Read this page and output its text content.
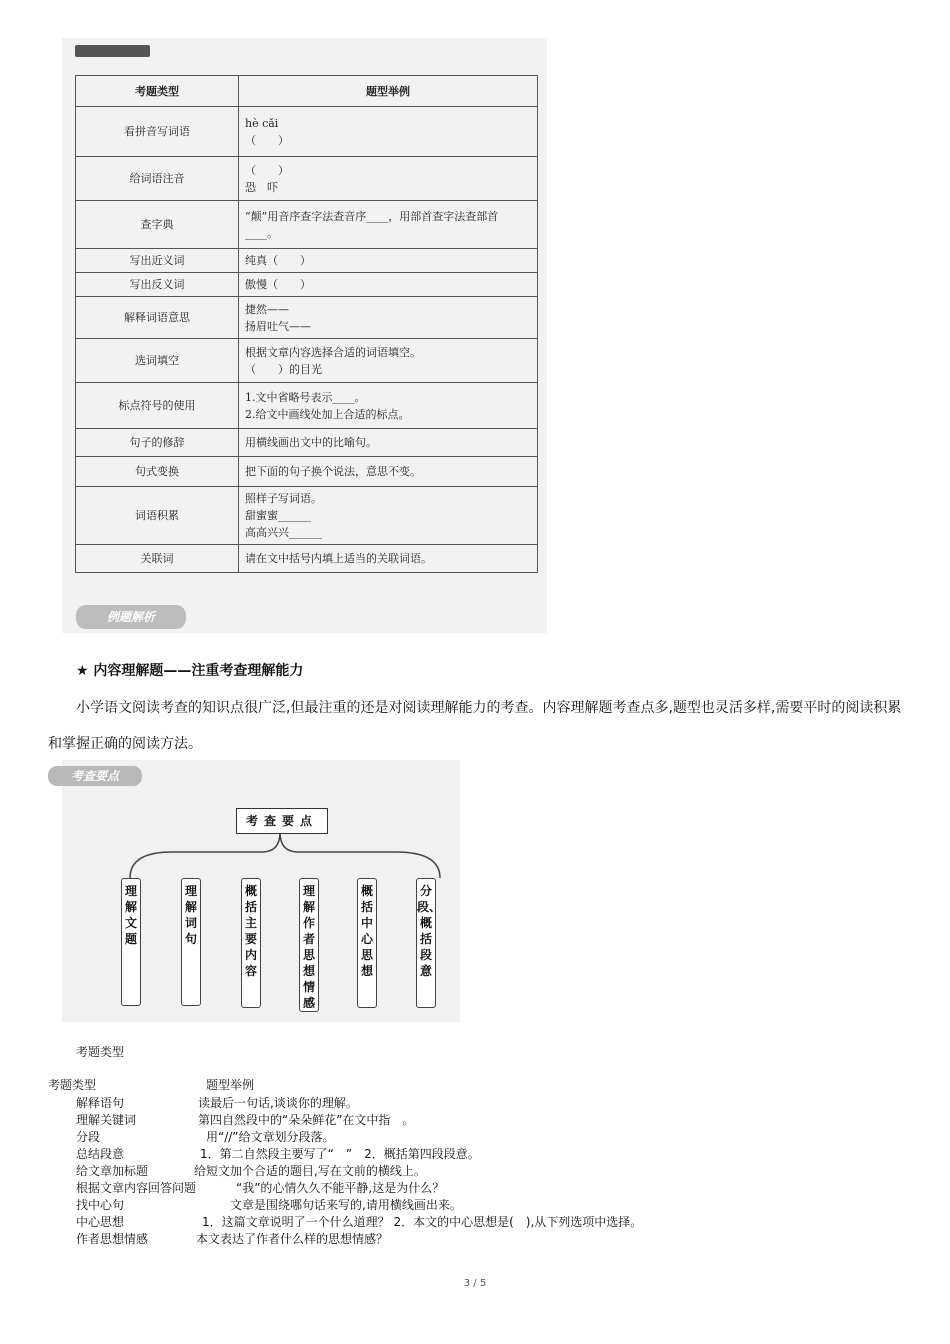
考题类型	题型举例
看拼音写词语	hè cǎi
（　　）
给词语注音	（　　）
恐　吓
查字典	“颠”用音序查字法查音序____，用部首查字法查部首____。
写出近义词	纯真（　　）
写出反义词	傲慢（　　）
解释词语意思	捷然——
扬眉吐气——
选词填空	根据文章内容选择合适的词语填空。
（　　）的目光
标点符号的使用	1.文中省略号表示____。
2.给文中画线处加上合适的标点。
句子的修辞	用横线画出文中的比喻句。
句式变换	把下面的句子换个说法，意思不变。
词语积累	照样子写词语。
甜蜜蜜______
高高兴兴______
关联词	请在文中括号内填上适当的关联词语。
例题解析
★ 内容理解题——注重考查理解能力
小学语文阅读考查的知识点很广泛,但最注重的还是对阅读理解能力的考查。内容理解题考查点多,题型也灵活多样,需要平时的阅读积累和掌握正确的阅读方法。
考查要点
考查要点
理解文题
理解词句
概括主要内容
理解作者思想情感
概括中心思想
分段、概括段意
考题类型
考题类型	题型举例
解释语句	读最后一句话,谈谈你的理解。
理解关键词	第四自然段中的“朵朵鲜花”在文中指　。
分段	用“//”给文章划分段落。
总结段意	1．第二自然段主要写了“　”　2．概括第四段段意。
给文章加标题	给短文加个合适的题目,写在文前的横线上。
根据文章内容回答问题	“我”的心情久久不能平静,这是为什么？
找中心句	文章是围绕哪句话来写的,请用横线画出来。
中心思想	1．这篇文章说明了一个什么道理？ 2．本文的中心思想是(　),从下列选项中选择。
作者思想情感	本文表达了作者什么样的思想情感？
3 / 5
